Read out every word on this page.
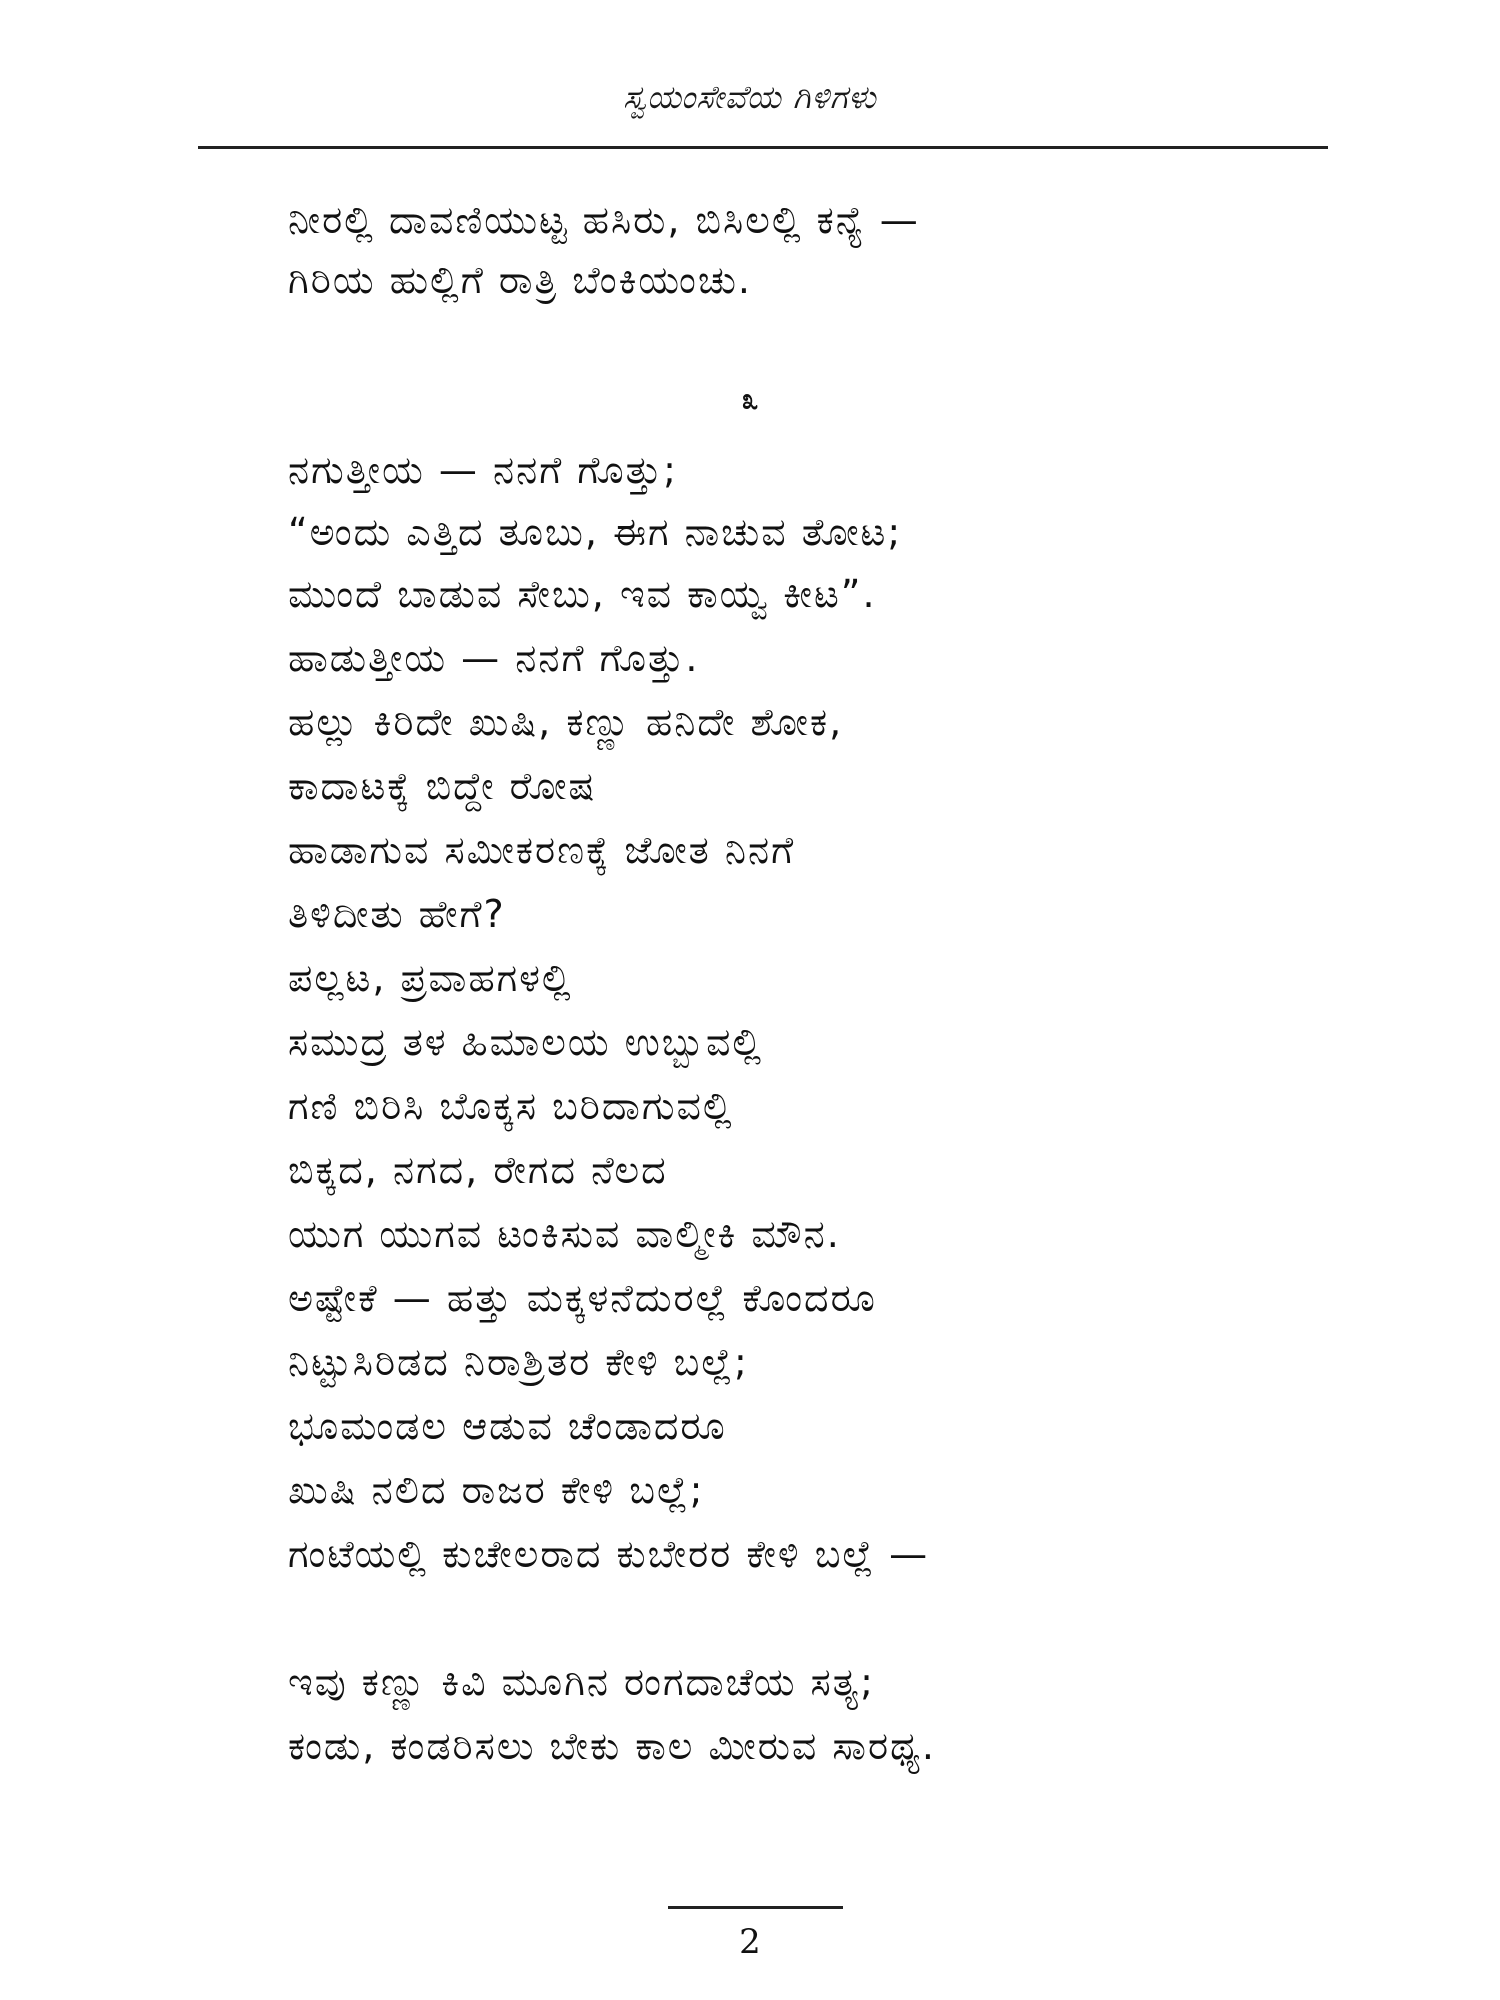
ಸ್ವಯಂಸೇವೆಯ ಗಿಳಿಗಳು
ನೀರಲ್ಲಿ ದಾವಣಿಯುಟ್ಟ ಹಸಿರು, ಬಿಸಿಲಲ್ಲಿ ಕನ್ಯೆ —
ಗಿರಿಯ ಹುಲ್ಲಿಗೆ ರಾತ್ರಿ ಬೆಂಕಿಯಂಚು.
೩
ನಗುತ್ತೀಯ — ನನಗೆ ಗೊತ್ತು;
“ಅಂದು ಎತ್ತಿದ ತೂಬು, ಈಗ ನಾಚುವ ತೋಟ;
ಮುಂದೆ ಬಾಡುವ ಸೇಬು, ಇವ ಕಾಯ್ವ ಕೀಟ”.
ಹಾಡುತ್ತೀಯ — ನನಗೆ ಗೊತ್ತು.
ಹಲ್ಲು ಕಿರಿದೇ ಖುಷಿ, ಕಣ್ಣು ಹನಿದೇ ಶೋಕ,
ಕಾದಾಟಕ್ಕೆ ಬಿದ್ದೇ ರೋಷ
ಹಾಡಾಗುವ ಸಮೀಕರಣಕ್ಕೆ ಜೋತ ನಿನಗೆ
ತಿಳಿದೀತು ಹೇಗೆ?
ಪಲ್ಲಟ, ಪ್ರವಾಹಗಳಲ್ಲಿ
ಸಮುದ್ರ ತಳ ಹಿಮಾಲಯ ಉಬ್ಬುವಲ್ಲಿ
ಗಣಿ ಬಿರಿಸಿ ಬೊಕ್ಕಸ ಬರಿದಾಗುವಲ್ಲಿ
ಬಿಕ್ಕದ, ನಗದ, ರೇಗದ ನೆಲದ
ಯುಗ ಯುಗವ ಟಂಕಿಸುವ ವಾಲ್ಮೀಕಿ ಮೌನ.
ಅಷ್ಟೇಕೆ — ಹತ್ತು ಮಕ್ಕಳನೆದುರಲ್ಲೆ ಕೊಂದರೂ
ನಿಟ್ಟುಸಿರಿಡದ ನಿರಾಶ್ರಿತರ ಕೇಳಿ ಬಲ್ಲೆ;
ಭೂಮಂಡಲ ಆಡುವ ಚೆಂಡಾದರೂ
ಖುಷಿ ನಲಿದ ರಾಜರ ಕೇಳಿ ಬಲ್ಲೆ;
ಗಂಟೆಯಲ್ಲಿ ಕುಚೇಲರಾದ ಕುಬೇರರ ಕೇಳಿ ಬಲ್ಲೆ —
ಇವು ಕಣ್ಣು ಕಿವಿ ಮೂಗಿನ ರಂಗದಾಚೆಯ ಸತ್ಯ;
ಕಂಡು, ಕಂಡರಿಸಲು ಬೇಕು ಕಾಲ ಮೀರುವ ಸಾರಥ್ಯ.
2
